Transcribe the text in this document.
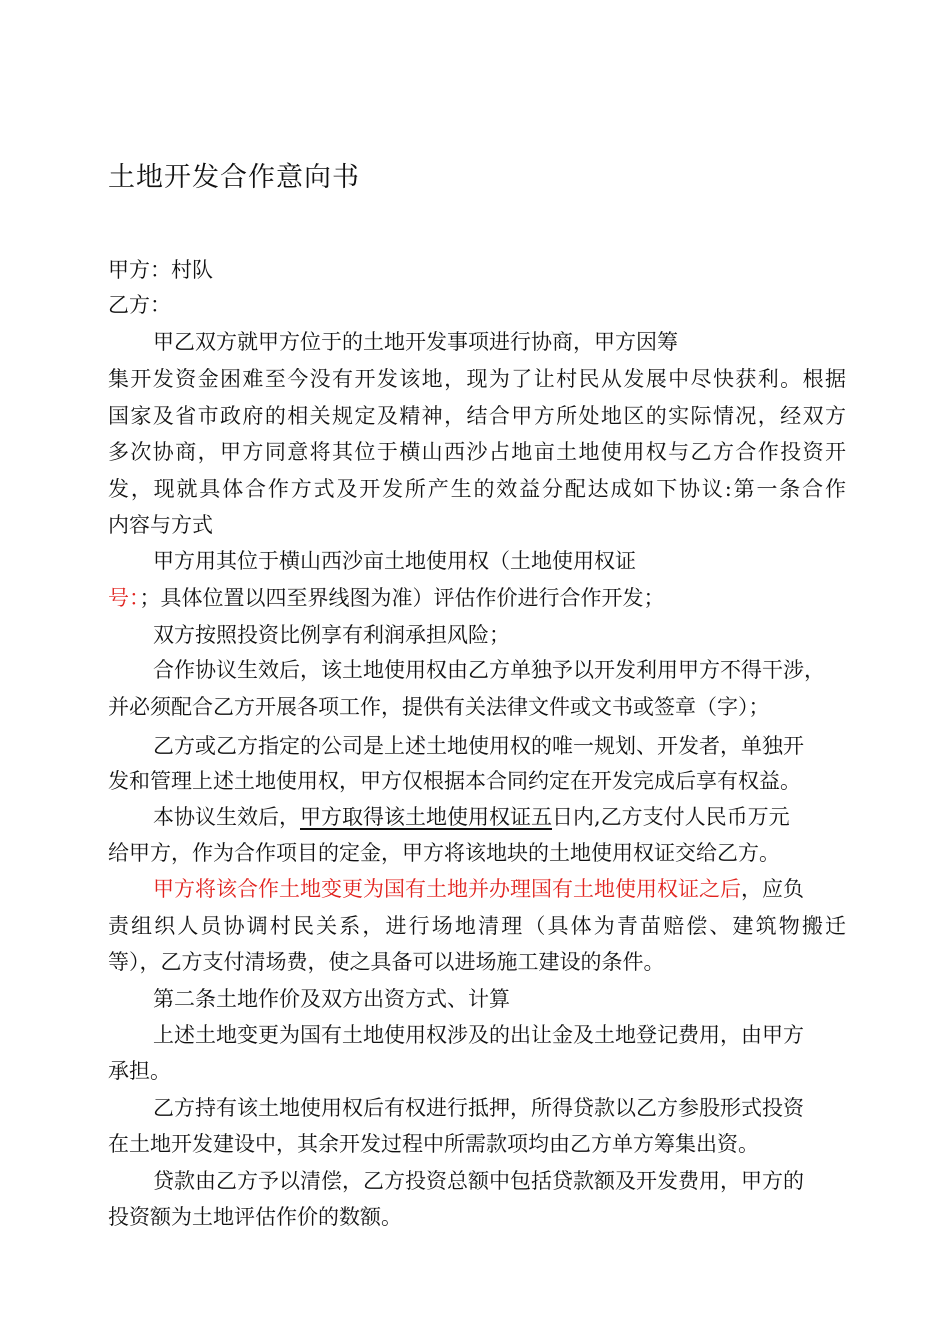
土地开发合作意向书
甲方：村队
乙方：
甲乙双方就甲方位于的土地开发事项进行协商，甲方因筹
集开发资金困难至今没有开发该地，现为了让村民从发展中尽快获利。根据
国家及省市政府的相关规定及精神，结合甲方所处地区的实际情况，经双方
多次协商，甲方同意将其位于横山西沙占地亩土地使用权与乙方合作投资开
发，现就具体合作方式及开发所产生的效益分配达成如下协议:第一条合作
内容与方式
甲方用其位于横山西沙亩土地使用权（土地使用权证
号：；具体位置以四至界线图为准）评估作价进行合作开发；
双方按照投资比例享有利润承担风险；
合作协议生效后，该土地使用权由乙方单独予以开发利用甲方不得干涉，
并必须配合乙方开展各项工作，提供有关法律文件或文书或签章（字）；
乙方或乙方指定的公司是上述土地使用权的唯一规划、开发者，单独开
发和管理上述土地使用权，甲方仅根据本合同约定在开发完成后享有权益。
本协议生效后，甲方取得该土地使用权证五日内,乙方支付人民币万元
给甲方，作为合作项目的定金，甲方将该地块的土地使用权证交给乙方。
甲方将该合作土地变更为国有土地并办理国有土地使用权证之后，应负
责组织人员协调村民关系，进行场地清理（具体为青苗赔偿、建筑物搬迁
等），乙方支付清场费，使之具备可以进场施工建设的条件。
第二条土地作价及双方出资方式、计算
上述土地变更为国有土地使用权涉及的出让金及土地登记费用，由甲方
承担。
乙方持有该土地使用权后有权进行抵押，所得贷款以乙方参股形式投资
在土地开发建设中，其余开发过程中所需款项均由乙方单方筹集出资。
贷款由乙方予以清偿，乙方投资总额中包括贷款额及开发费用，甲方的
投资额为土地评估作价的数额。
